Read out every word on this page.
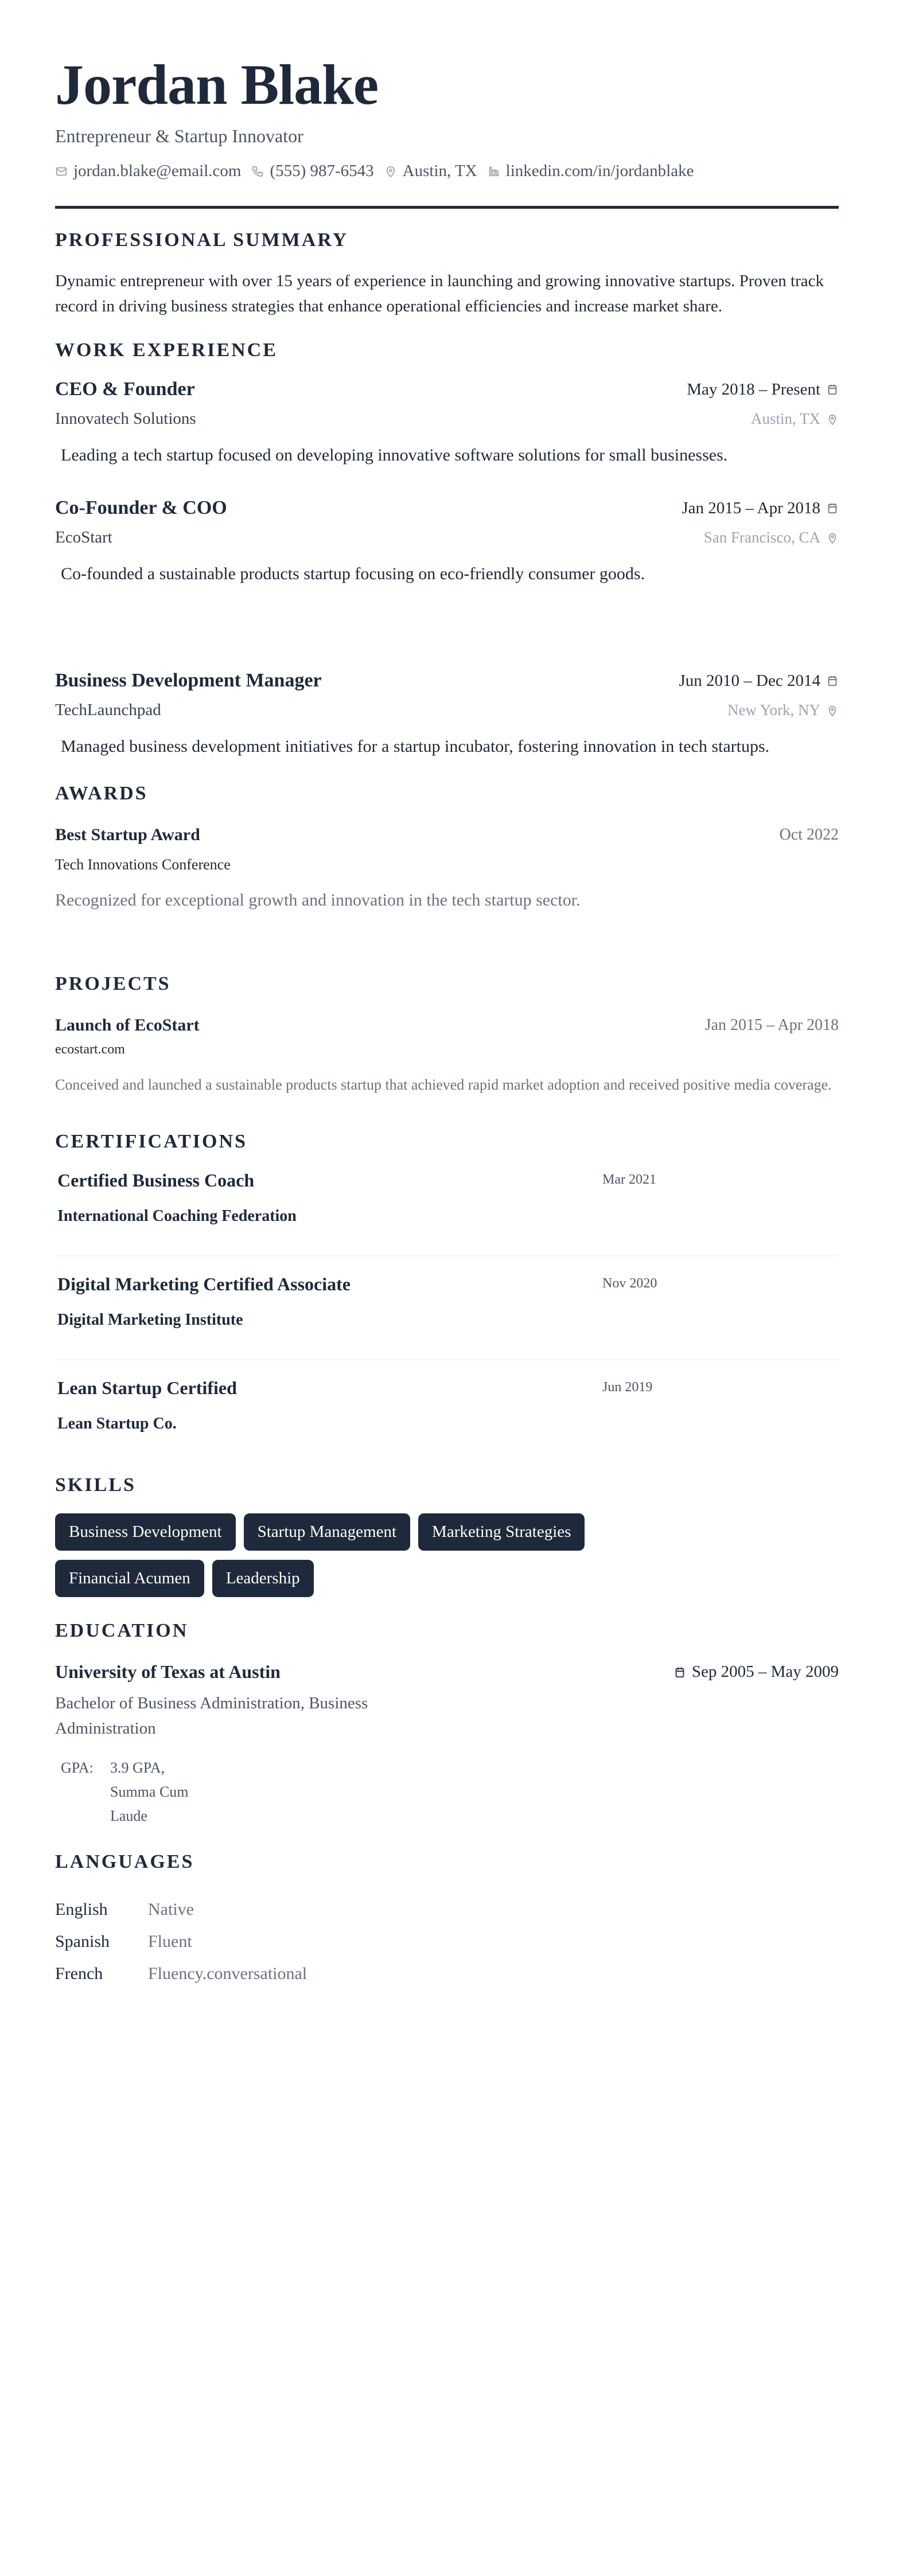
Jordan Blake
Entrepreneur & Startup Innovator
jordan.blake@email.com (555) 987-6543 Austin, TX linkedin.com/in/jordanblake
PROFESSIONAL SUMMARY

Dynamic entrepreneur with over 15 years of experience in launching and growing innovative startups. Proven track record in driving business strategies that enhance operational efficiencies and increase market share.

WORK EXPERIENCE
CEO & Founder	May 2018 – Present
Innovatech Solutions	Austin, TX

Leading a tech startup focused on developing innovative software solutions for small businesses.

Co-Founder & COO	Jan 2015 – Apr 2018
EcoStart	San Francisco, CA

Co-founded a sustainable products startup focusing on eco-friendly consumer goods.

Business Development Manager	Jun 2010 – Dec 2014
TechLaunchpad	New York, NY

Managed business development initiatives for a startup incubator, fostering innovation in tech startups.

AWARDS
Best Startup Award	Oct 2022
Tech Innovations Conference
Recognized for exceptional growth and innovation in the tech startup sector.
PROJECTS
Launch of EcoStart	Jan 2015 – Apr 2018
ecostart.com
Conceived and launched a sustainable products startup that achieved rapid market adoption and received positive media coverage.
CERTIFICATIONS
Certified Business Coach
International Coaching Federation
Mar 2021
Digital Marketing Certified Associate
Digital Marketing Institute
Nov 2020
Lean Startup Certified
Lean Startup Co.
Jun 2019
SKILLS
Business Development	Startup Management	Marketing Strategies
Financial Acumen	Leadership
EDUCATION
University of Texas at Austin	Sep 2005 – May 2009
Bachelor of Business Administration, Business Administration
GPA:	3.9 GPA, Summa Cum Laude
LANGUAGES
English	Native
Spanish	Fluent
French	Fluency.conversational
